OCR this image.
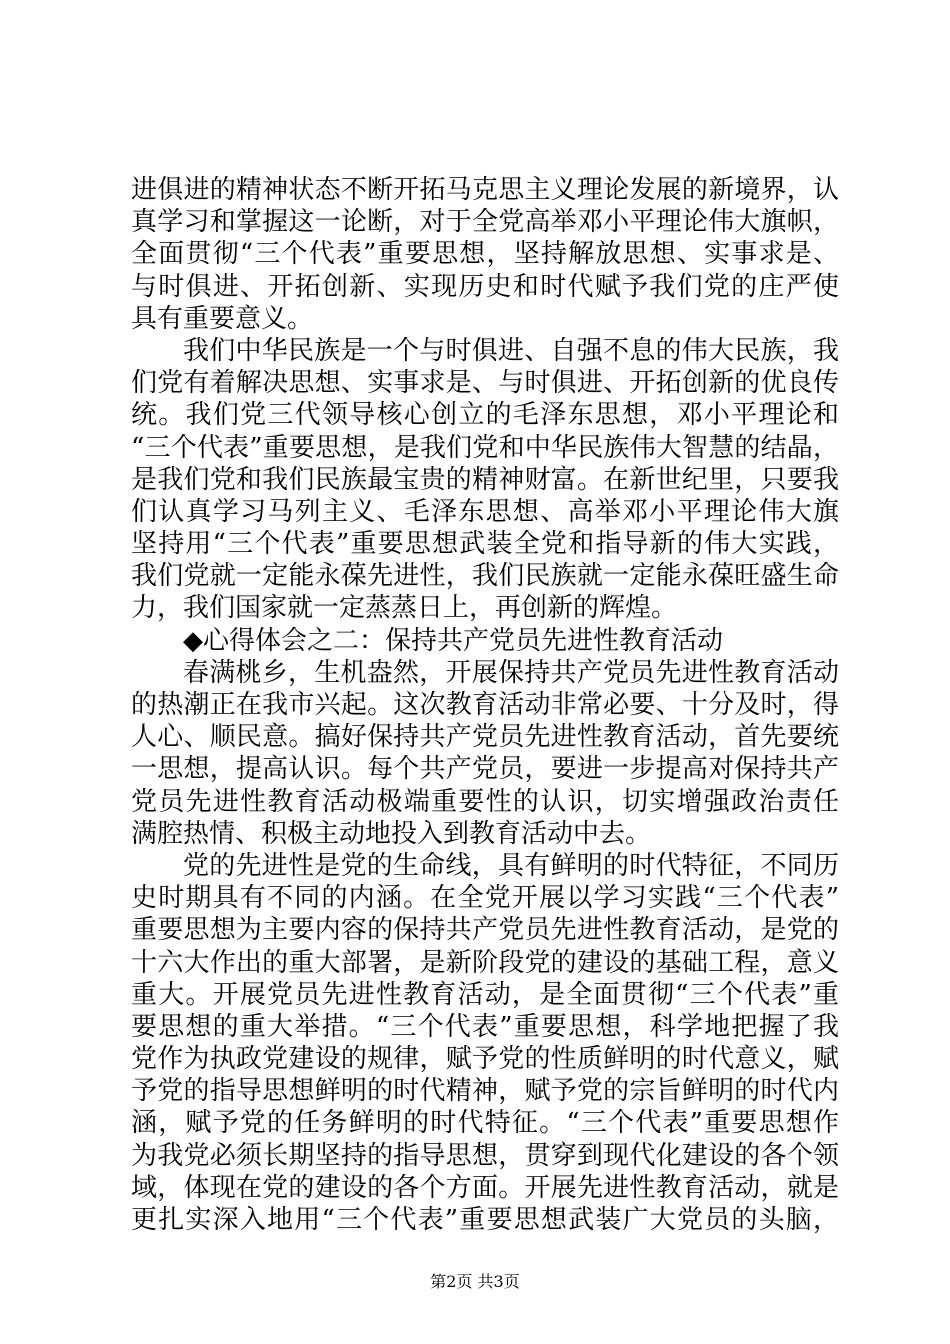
进俱进的精神状态不断开拓马克思主义理论发展的新境界，认
真学习和掌握这一论断，对于全党高举邓小平理论伟大旗帜，
全面贯彻“三个代表”重要思想，坚持解放思想、实事求是、
与时俱进、开拓创新、实现历史和时代赋予我们党的庄严使
具有重要意义。
我们中华民族是一个与时俱进、自强不息的伟大民族，我
们党有着解决思想、实事求是、与时俱进、开拓创新的优良传
统。我们党三代领导核心创立的毛泽东思想，邓小平理论和
“三个代表”重要思想，是我们党和中华民族伟大智慧的结晶，
是我们党和我们民族最宝贵的精神财富。在新世纪里，只要我
们认真学习马列主义、毛泽东思想、高举邓小平理论伟大旗
坚持用“三个代表”重要思想武装全党和指导新的伟大实践，
我们党就一定能永葆先进性，我们民族就一定能永葆旺盛生命
力，我们国家就一定蒸蒸日上，再创新的辉煌。
◆心得体会之二：保持共产党员先进性教育活动
春满桃乡，生机盎然，开展保持共产党员先进性教育活动
的热潮正在我市兴起。这次教育活动非常必要、十分及时，得
人心、顺民意。搞好保持共产党员先进性教育活动，首先要统
一思想，提高认识。每个共产党员，要进一步提高对保持共产
党员先进性教育活动极端重要性的认识，切实增强政治责任
满腔热情、积极主动地投入到教育活动中去。
党的先进性是党的生命线，具有鲜明的时代特征，不同历
史时期具有不同的内涵。在全党开展以学习实践“三个代表”
重要思想为主要内容的保持共产党员先进性教育活动，是党的
十六大作出的重大部署，是新阶段党的建设的基础工程，意义
重大。开展党员先进性教育活动，是全面贯彻“三个代表”重
要思想的重大举措。“三个代表”重要思想，科学地把握了我
党作为执政党建设的规律，赋予党的性质鲜明的时代意义，赋
予党的指导思想鲜明的时代精神，赋予党的宗旨鲜明的时代内
涵，赋予党的任务鲜明的时代特征。“三个代表”重要思想作
为我党必须长期坚持的指导思想，贯穿到现代化建设的各个领
域，体现在党的建设的各个方面。开展先进性教育活动，就是
更扎实深入地用“三个代表”重要思想武装广大党员的头脑，
第2页 共3页
